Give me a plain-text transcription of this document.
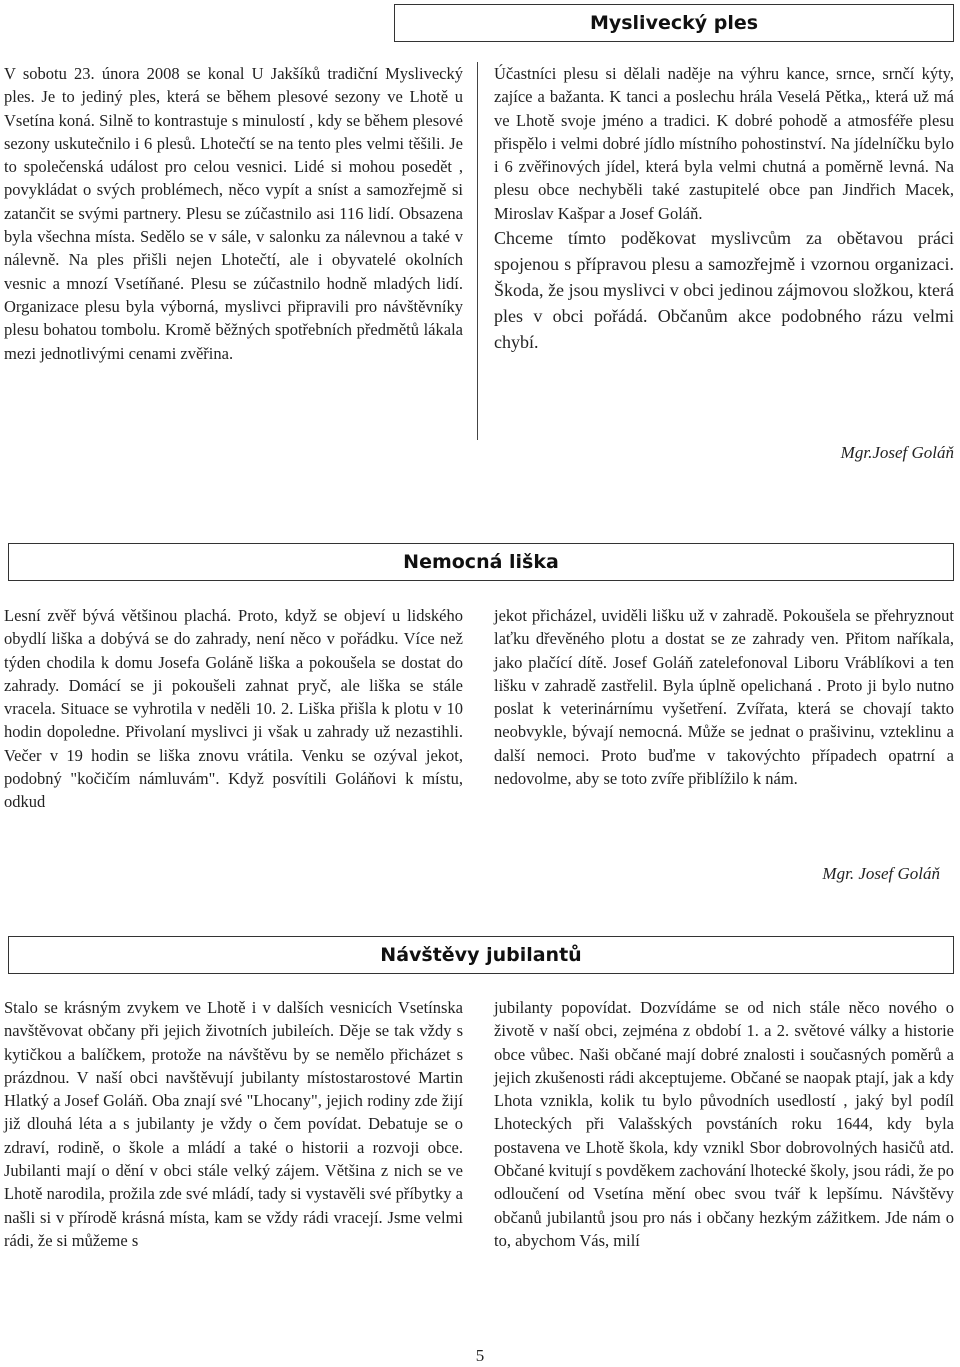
Myslivecký ples

V sobotu 23. února 2008 se konal U Jakšíků tradiční Myslivecký ples. Je to jediný ples, která se během plesové sezony ve Lhotě u Vsetína koná. Silně to kontrastuje s minulostí , kdy se během plesové sezony uskutečnilo i 6 plesů. Lhotečtí se na tento ples velmi těšili. Je to společenská událost pro celou vesnici. Lidé si mohou posedět , povykládat o svých problémech, něco vypít a sníst a samozřejmě si zatančit se svými partnery. Plesu se zúčastnilo asi 116 lidí. Obsazena byla všechna místa. Sedělo se v sále, v salonku za nálevnou a také v nálevně. Na ples přišli nejen Lhotečtí, ale i obyvatelé okolních vesnic a mnozí Vsetíňané. Plesu se zúčastnilo hodně mladých lidí. Organizace plesu byla výborná, myslivci připravili pro návštěvníky plesu bohatou tombolu. Kromě běžných spotřebních předmětů lákala mezi jednotlivými cenami zvěřina.

Účastníci plesu si dělali naděje na výhru kance, srnce, srnčí kýty, zajíce a bažanta. K tanci a poslechu hrála Veselá Pětka,, která už má ve Lhotě svoje jméno a tradici. K dobré pohodě a atmosféře plesu přispělo i velmi dobré jídlo místního pohostinství. Na jídelníčku bylo i 6 zvěřinových jídel, která byla velmi chutná a poměrně levná. Na plesu obce nechyběli také zastupitelé obce pan Jindřich Macek, Miroslav Kašpar a Josef Goláň.

Chceme tímto poděkovat myslivcům za obětavou práci spojenou s přípravou plesu a samozřejmě i vzornou organizaci. Škoda, že jsou myslivci v obci jedinou zájmovou složkou, která ples v obci pořádá. Občanům akce podobného rázu velmi chybí.

Mgr.Josef Goláň
Nemocná liška

Lesní zvěř bývá většinou plachá. Proto, když se objeví u lidského obydlí liška a dobývá se do zahrady, není něco v pořádku. Více než týden chodila k domu Josefa Goláně liška a pokoušela se dostat do zahrady. Domácí se ji pokoušeli zahnat pryč, ale liška se stále vracela. Situace se vyhrotila v neděli 10. 2. Liška přišla k plotu v 10 hodin dopoledne. Přivolaní myslivci ji však u zahrady už nezastihli. Večer v 19 hodin se liška znovu vrátila. Venku se ozýval jekot, podobný "kočičím námluvám". Když posvítili Goláňovi k místu, odkud

jekot přicházel, uviděli lišku už v zahradě. Pokoušela se přehryznout laťku dřevěného plotu a dostat se ze zahrady ven. Přitom naříkala, jako plačící dítě. Josef Goláň zatelefonoval Liboru Vráblíkovi a ten lišku v zahradě zastřelil. Byla úplně opelichaná . Proto ji bylo nutno poslat k veterinárnímu vyšetření. Zvířata, která se chovají takto neobvykle, bývají nemocná. Může se jednat o prašivinu, vzteklinu a další nemoci. Proto buďme v takovýchto případech opatrní a nedovolme, aby se toto zvíře přiblížilo k nám.

Mgr. Josef Goláň
Návštěvy jubilantů

Stalo se krásným zvykem ve Lhotě i v dalších vesnicích Vsetínska navštěvovat občany při jejich životních jubileích. Děje se tak vždy s kytičkou a balíčkem, protože na návštěvu by se nemělo přicházet s prázdnou. V naší obci navštěvují jubilanty místostarostové Martin Hlatký a Josef Goláň. Oba znají své "Lhocany", jejich rodiny zde žijí již dlouhá léta a s jubilanty je vždy o čem povídat. Debatuje se o zdraví, rodině, o škole a mládí a také o historii a rozvoji obce. Jubilanti mají o dění v obci stále velký zájem. Většina z nich se ve Lhotě narodila, prožila zde své mládí, tady si vystavěli své příbytky a našli si v přírodě krásná místa, kam se vždy rádi vracejí. Jsme velmi rádi, že si můžeme s

jubilanty popovídat. Dozvídáme se od nich stále něco nového o životě v naší obci, zejména z období 1. a 2. světové války a historie obce vůbec. Naši občané mají dobré znalosti i současných poměrů a jejich zkušenosti rádi akceptujeme. Občané se naopak ptají, jak a kdy Lhota vznikla, kolik tu bylo původních usedlostí , jaký byl podíl Lhoteckých při Valašských povstáních roku 1644, kdy byla postavena ve Lhotě škola, kdy vznikl Sbor dobrovolných hasičů atd. Občané kvitují s povděkem zachování lhotecké školy, jsou rádi, že po odloučení od Vsetína mění obec svou tvář k lepšímu. Návštěvy občanů jubilantů jsou pro nás i občany hezkým zážitkem. Jde nám o to, abychom Vás, milí

5
